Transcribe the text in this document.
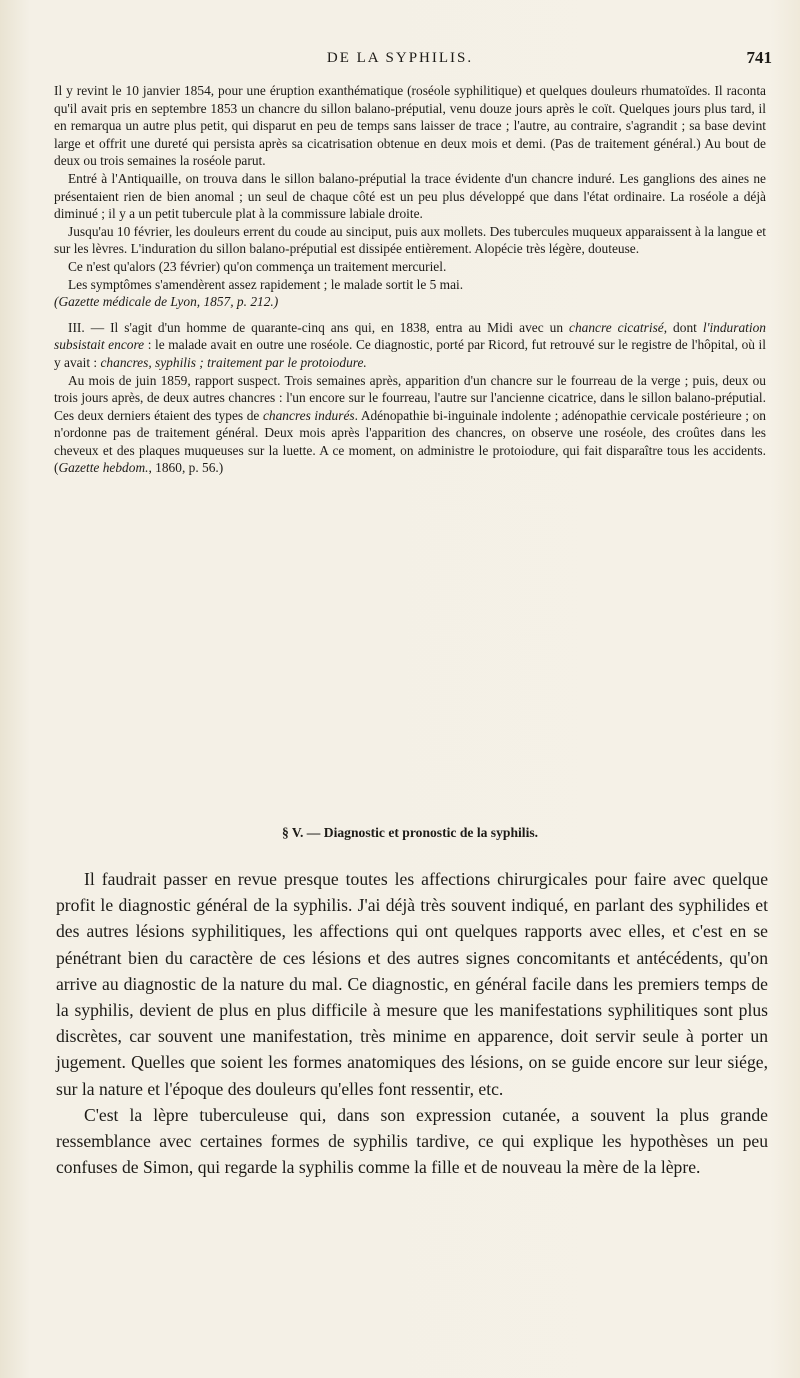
DE LA SYPHILIS.	741

Il y revint le 10 janvier 1854, pour une éruption exanthématique (roséole syphilitique) et quelques douleurs rhumatoïdes. Il raconta qu'il avait pris en septembre 1853 un chancre du sillon balano-préputial, venu douze jours après le coït. Quelques jours plus tard, il en remarqua un autre plus petit, qui disparut en peu de temps sans laisser de trace ; l'autre, au contraire, s'agrandit ; sa base devint large et offrit une dureté qui persista après sa cicatrisation obtenue en deux mois et demi. (Pas de traitement général.) Au bout de deux ou trois semaines la roséole parut.

Entré à l'Antiquaille, on trouva dans le sillon balano-préputial la trace évidente d'un chancre induré. Les ganglions des aines ne présentaient rien de bien anomal ; un seul de chaque côté est un peu plus développé que dans l'état ordinaire. La roséole a déjà diminué ; il y a un petit tubercule plat à la commissure labiale droite.

Jusqu'au 10 février, les douleurs errent du coude au sinciput, puis aux mollets. Des tubercules muqueux apparaissent à la langue et sur les lèvres. L'induration du sillon balano-préputial est dissipée entièrement. Alopécie très légère, douteuse.

Ce n'est qu'alors (23 février) qu'on commença un traitement mercuriel.

Les symptômes s'amendèrent assez rapidement ; le malade sortit le 5 mai.
(Gazette médicale de Lyon, 1857, p. 212.)

III. — Il s'agit d'un homme de quarante-cinq ans qui, en 1838, entra au Midi avec un chancre cicatrisé, dont l'induration subsistait encore : le malade avait en outre une roséole. Ce diagnostic, porté par Ricord, fut retrouvé sur le registre de l'hôpital, où il y avait : chancres, syphilis ; traitement par le protoiodure.

Au mois de juin 1859, rapport suspect. Trois semaines après, apparition d'un chancre sur le fourreau de la verge ; puis, deux ou trois jours après, de deux autres chancres : l'un encore sur le fourreau, l'autre sur l'ancienne cicatrice, dans le sillon balano-préputial. Ces deux derniers étaient des types de chancres indurés. Adénopathie bi-inguinale indolente ; adénopathie cervicale postérieure ; on n'ordonne pas de traitement général. Deux mois après l'apparition des chancres, on observe une roséole, des croûtes dans les cheveux et des plaques muqueuses sur la luette. A ce moment, on administre le protoiodure, qui fait disparaître tous les accidents. (Gazette hebdom., 1860, p. 56.)

§ V. — Diagnostic et pronostic de la syphilis.

Il faudrait passer en revue presque toutes les affections chirurgicales pour faire avec quelque profit le diagnostic général de la syphilis. J'ai déjà très souvent indiqué, en parlant des syphilides et des autres lésions syphilitiques, les affections qui ont quelques rapports avec elles, et c'est en se pénétrant bien du caractère de ces lésions et des autres signes concomitants et antécédents, qu'on arrive au diagnostic de la nature du mal. Ce diagnostic, en général facile dans les premiers temps de la syphilis, devient de plus en plus difficile à mesure que les manifestations syphilitiques sont plus discrètes, car souvent une manifestation, très minime en apparence, doit servir seule à porter un jugement. Quelles que soient les formes anatomiques des lésions, on se guide encore sur leur siége, sur la nature et l'époque des douleurs qu'elles font ressentir, etc.

C'est la lèpre tuberculeuse qui, dans son expression cutanée, a souvent la plus grande ressemblance avec certaines formes de syphilis tardive, ce qui explique les hypothèses un peu confuses de Simon, qui regarde la syphilis comme la fille et de nouveau la mère de la lèpre.
